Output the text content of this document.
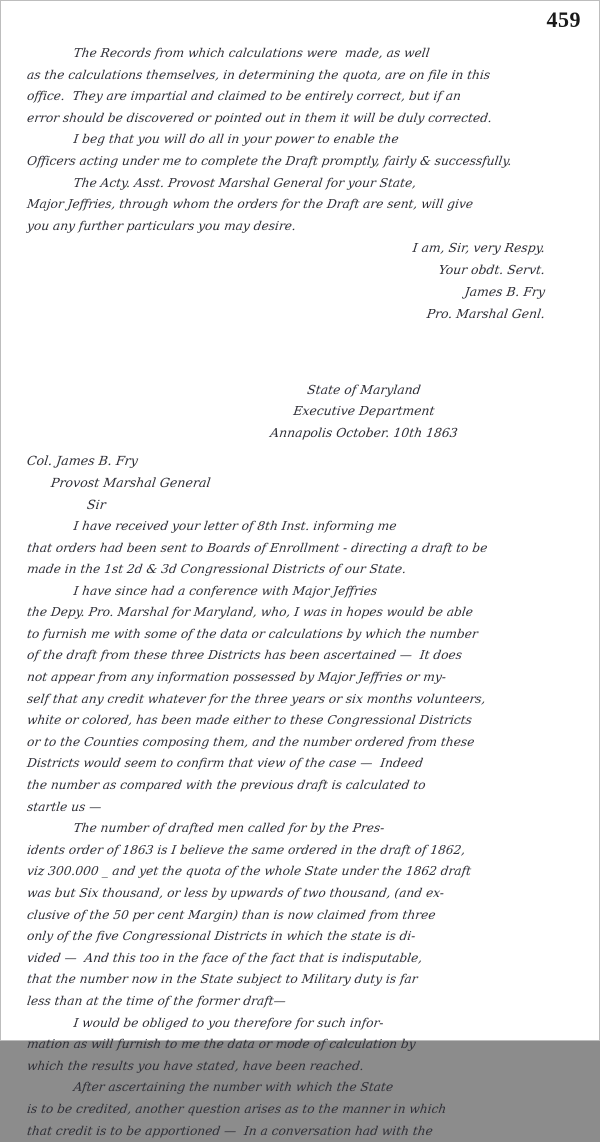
459
The Records from which calculations were  made, as well
as the calculations themselves, in determining the quota, are on file in this
office.  They are impartial and claimed to be entirely correct, but if an
error should be discovered or pointed out in them it will be duly corrected.
I beg that you will do all in your power to enable the
Officers acting under me to complete the Draft promptly, fairly & successfully.
The Acty. Asst. Provost Marshal General for your State,
Major Jeffries, through whom the orders for the Draft are sent, will give
you any further particulars you may desire.
I am, Sir, very Respy.
Your obdt. Servt.
James B. Fry
Pro. Marshal Genl.
State of Maryland
Executive Department
Annapolis October. 10th 1863
Col. James B. Fry
Provost Marshal General
Sir
I have received your letter of 8th Inst. informing me
that orders had been sent to Boards of Enrollment - directing a draft to be
made in the 1st 2d & 3d Congressional Districts of our State.
I have since had a conference with Major Jeffries
the Depy. Pro. Marshal for Maryland, who, I was in hopes would be able
to furnish me with some of the data or calculations by which the number
of the draft from these three Districts has been ascertained —  It does
not appear from any information possessed by Major Jeffries or my-
self that any credit whatever for the three years or six months volunteers,
white or colored, has been made either to these Congressional Districts
or to the Counties composing them, and the number ordered from these
Districts would seem to confirm that view of the case —  Indeed
the number as compared with the previous draft is calculated to
startle us —
The number of drafted men called for by the Pres-
idents order of 1863 is I believe the same ordered in the draft of 1862,
viz 300.000 _ and yet the quota of the whole State under the 1862 draft
was but Six thousand, or less by upwards of two thousand, (and ex-
clusive of the 50 per cent Margin) than is now claimed from three
only of the five Congressional Districts in which the state is di-
vided —  And this too in the face of the fact that is indisputable,
that the number now in the State subject to Military duty is far
less than at the time of the former draft—
I would be obliged to you therefore for such infor-
mation as will furnish to me the data or mode of calculation by
which the results you have stated, have been reached.
After ascertaining the number with which the State
is to be credited, another question arises as to the manner in which
that credit is to be apportioned —  In a conversation had with the
